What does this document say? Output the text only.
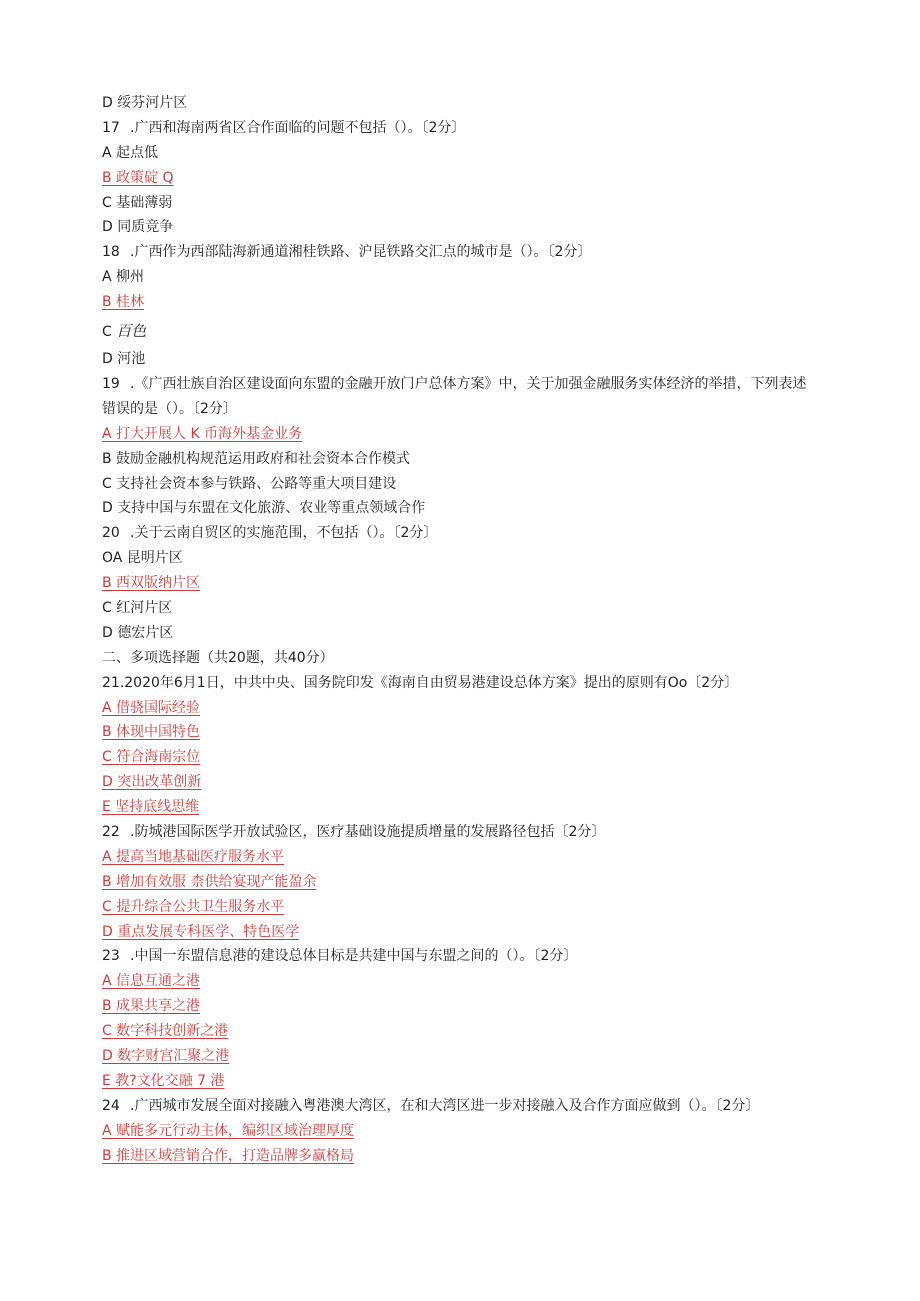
D 绥芬河片区
17 .广西和海南两省区合作面临的问题不包括（）。〔2分〕
A 起点低
B 政策碇 Q
C 基础薄弱
D 同质竞争
18 .广西作为西部陆海新通道湘桂铁路、沪昆铁路交汇点的城市是（）。〔2分〕
A 柳州
B 桂林
C 百色
D 河池
19 .《广西壮族自治区建设面向东盟的金融开放门户总体方案》中，关于加强金融服务实体经济的举措，下列表述错误的是（）。〔2分〕
A 打大开展人 K 币海外基金业务
B 鼓励金融机构规范运用政府和社会资本合作模式
C 支持社会资本参与铁路、公路等重大项目建设
D 支持中国与东盟在文化旅游、农业等重点领域合作
20 .关于云南自贸区的实施范围，不包括（）。〔2分〕
OA 昆明片区
B 西双版纳片区
C 红河片区
D 德宏片区
二、多项选择题（共20题，共40分）
21.2020年6月1日，中共中央、国务院印发《海南自由贸易港建设总体方案》提出的原则有Oo〔2分〕
A 借骁国际经验
B 体现中国特色
C 符合海南宗位
D 突出改革创新
E 坚持底线思维
22 .防城港国际医学开放试验区，医疗基础设施提质增量的发展路径包括〔2分〕
A 提高当地基础医疗服务水平
B 增加有效服 柰供给宴现产能盈余
C 提升综合公共卫生服务水平
D 重点发展专科医学、特色医学
23 .中国一东盟信息港的建设总体目标是共建中国与东盟之间的（）。〔2分〕
A 信息互通之港
B 成果共享之港
C 数字科技创新之港
D 数字财宫汇聚之港
E 教?文化交融 7 港
24 .广西城市发展全面对接融入粤港澳大湾区，在和大湾区进一步对接融入及合作方面应做到（）。〔2分〕
A 赋能多元行动主体，编织区域治理厚度
B 推进区域营销合作，打造品牌多赢格局
